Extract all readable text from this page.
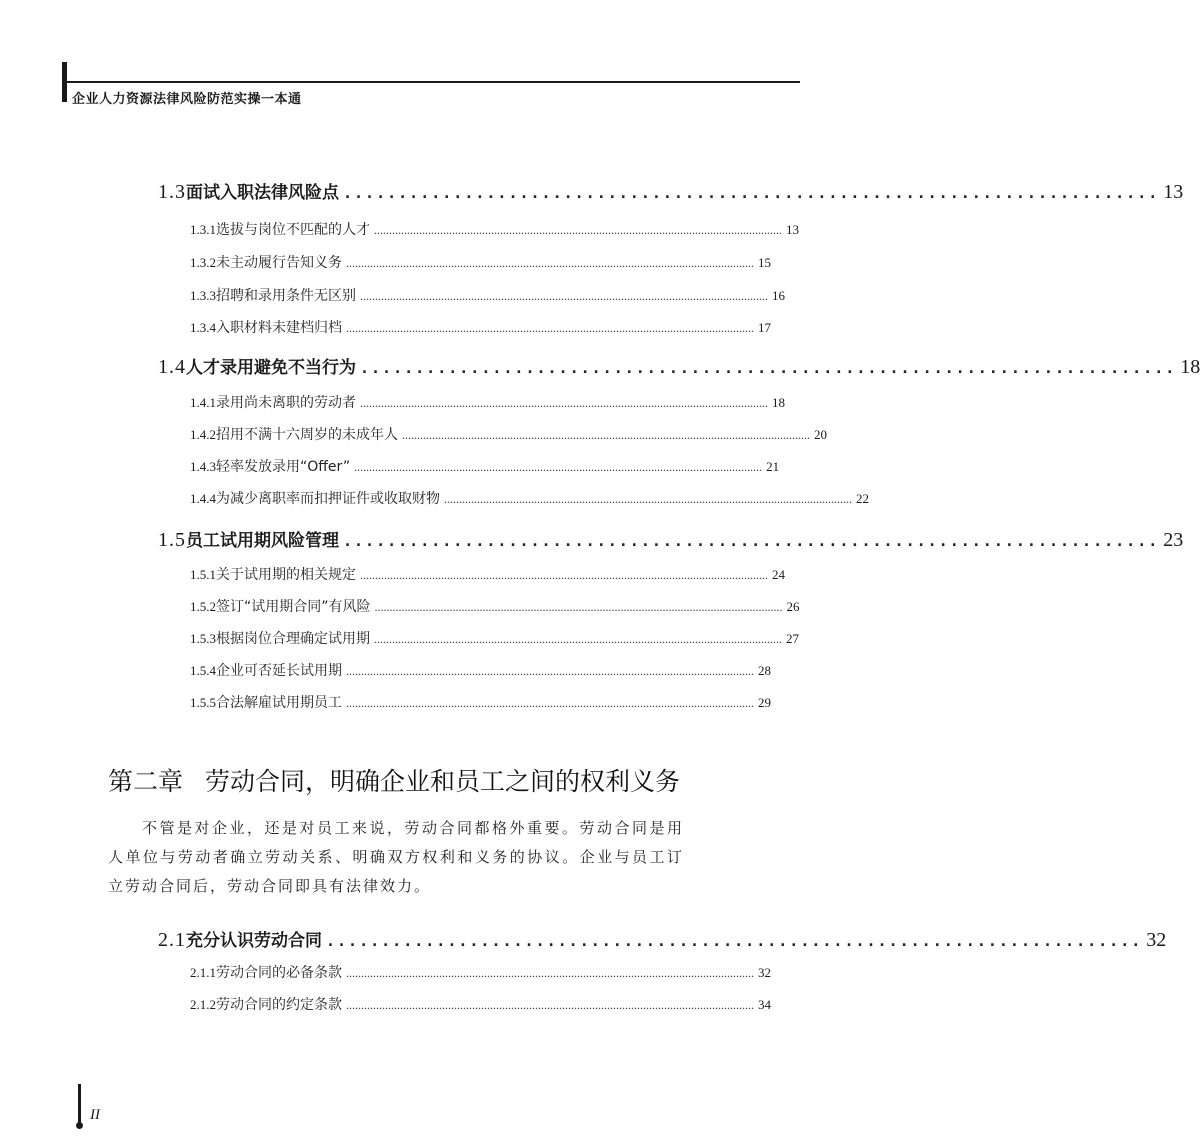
企业人力资源法律风险防范实操一本通
1.3 面试入职法律风险点 .......................................................................... 13
1.3.1 选拔与岗位不匹配的人才 ........................................................................................................................................ 13
1.3.2 未主动履行告知义务 ........................................................................................................................................ 15
1.3.3 招聘和录用条件无区别 ........................................................................................................................................ 16
1.3.4 入职材料未建档归档 ........................................................................................................................................ 17
1.4 人才录用避免不当行为 .......................................................................... 18
1.4.1 录用尚未离职的劳动者 ........................................................................................................................................ 18
1.4.2 招用不满十六周岁的未成年人 ........................................................................................................................................ 20
1.4.3 轻率发放录用“Offer” ........................................................................................................................................ 21
1.4.4 为减少离职率而扣押证件或收取财物 ........................................................................................................................................ 22
1.5 员工试用期风险管理 .......................................................................... 23
1.5.1 关于试用期的相关规定 ........................................................................................................................................ 24
1.5.2 签订“试用期合同”有风险 ........................................................................................................................................ 26
1.5.3 根据岗位合理确定试用期 ........................................................................................................................................ 27
1.5.4 企业可否延长试用期 ........................................................................................................................................ 28
1.5.5 合法解雇试用期员工 ........................................................................................................................................ 29
第二章 劳动合同，明确企业和员工之间的权利义务
不管是对企业，还是对员工来说，劳动合同都格外重要。劳动合同是用人单位与劳动者确立劳动关系、明确双方权利和义务的协议。企业与员工订立劳动合同后，劳动合同即具有法律效力。
2.1 充分认识劳动合同 .......................................................................... 32
2.1.1 劳动合同的必备条款 ........................................................................................................................................ 32
2.1.2 劳动合同的约定条款 ........................................................................................................................................ 34
II
